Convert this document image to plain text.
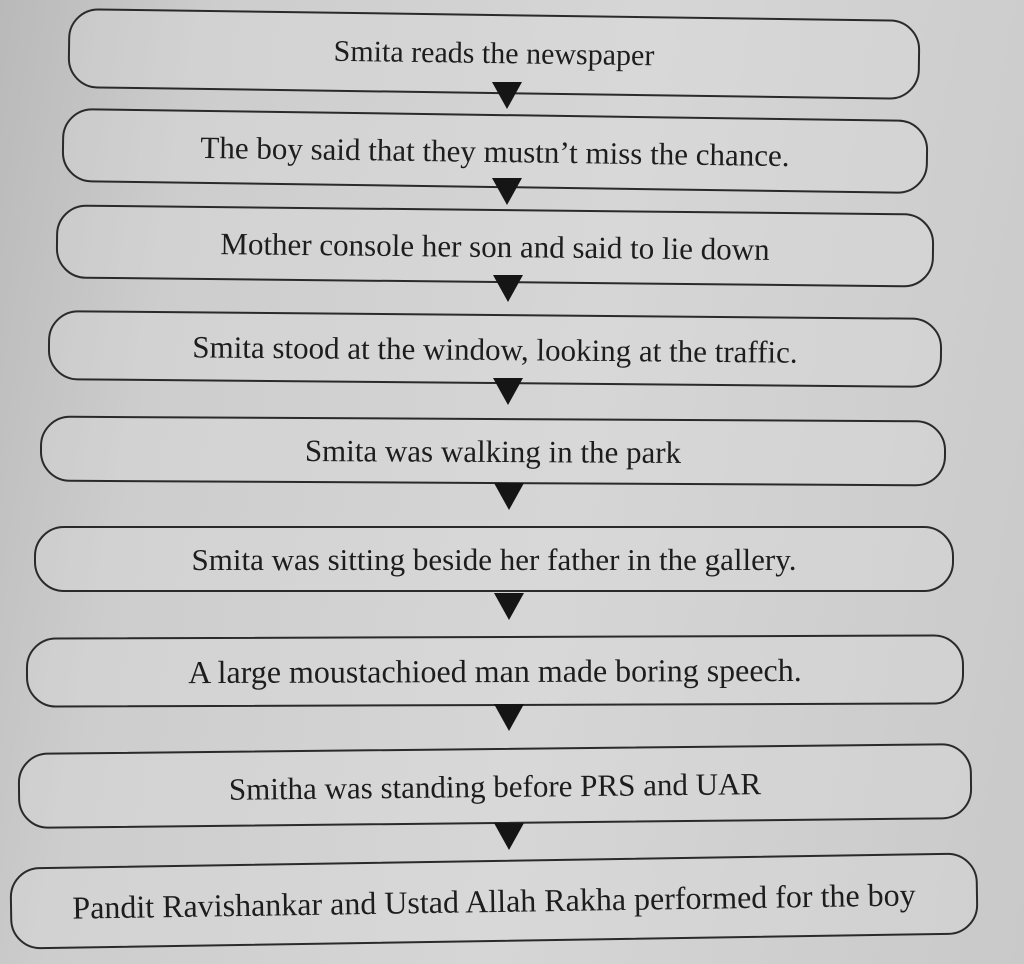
Smita reads the newspaper
The boy said that they mustn’t miss the chance.
Mother console her son and said to lie down
Smita stood at the window, looking at the traffic.
Smita was walking in the park
Smita was sitting beside her father in the gallery.
A large moustachioed man made boring speech.
Smitha was standing before PRS and UAR
Pandit Ravishankar and Ustad Allah Rakha performed for the boy
